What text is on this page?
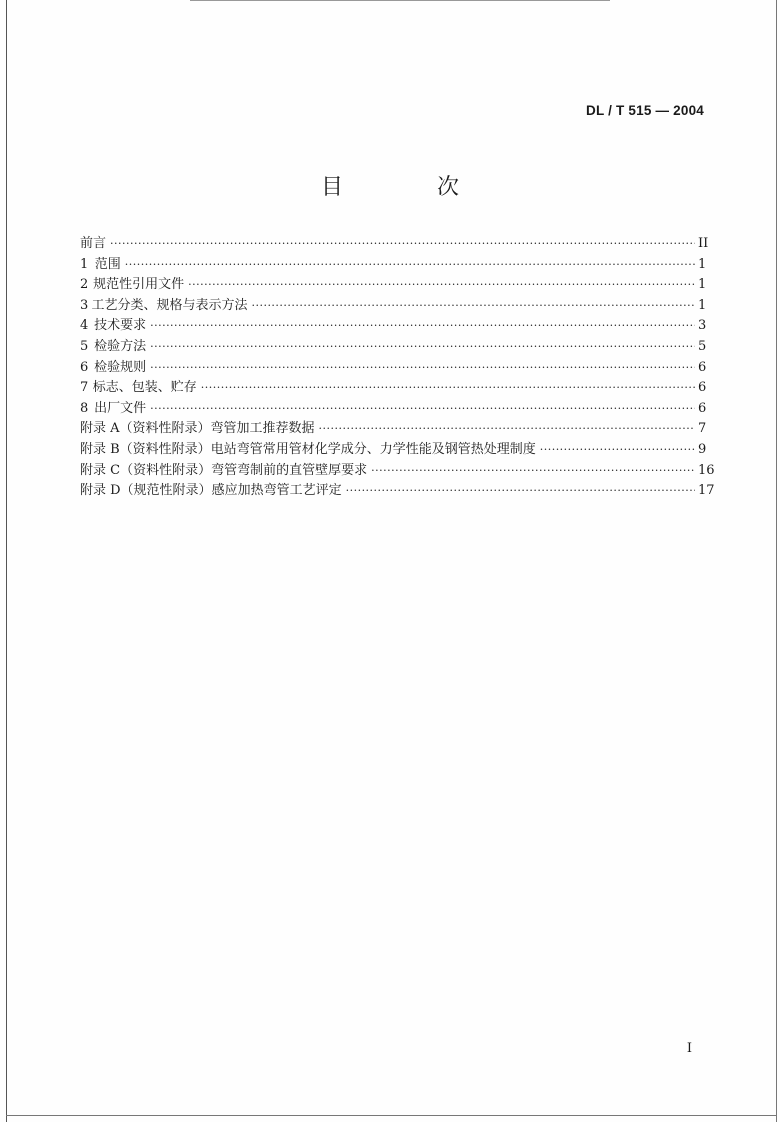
DL / T 515 — 2004
目　次
前言 ·····	II
1 范围 ·····	1
2 规范性引用文件 ·····	1
3 工艺分类、规格与表示方法 ·····	1
4 技术要求 ·····	3
5 检验方法 ·····	5
6 检验规则 ·····	6
7 标志、包装、贮存 ·····	6
8 出厂文件 ·····	6
附录 A（资料性附录） 弯管加工推荐数据 ·····	7
附录 B（资料性附录） 电站弯管常用管材化学成分、力学性能及钢管热处理制度 ·····	9
附录 C（资料性附录） 弯管弯制前的直管壁厚要求 ·····	16
附录 D（规范性附录） 感应加热弯管工艺评定 ·····	17
I
